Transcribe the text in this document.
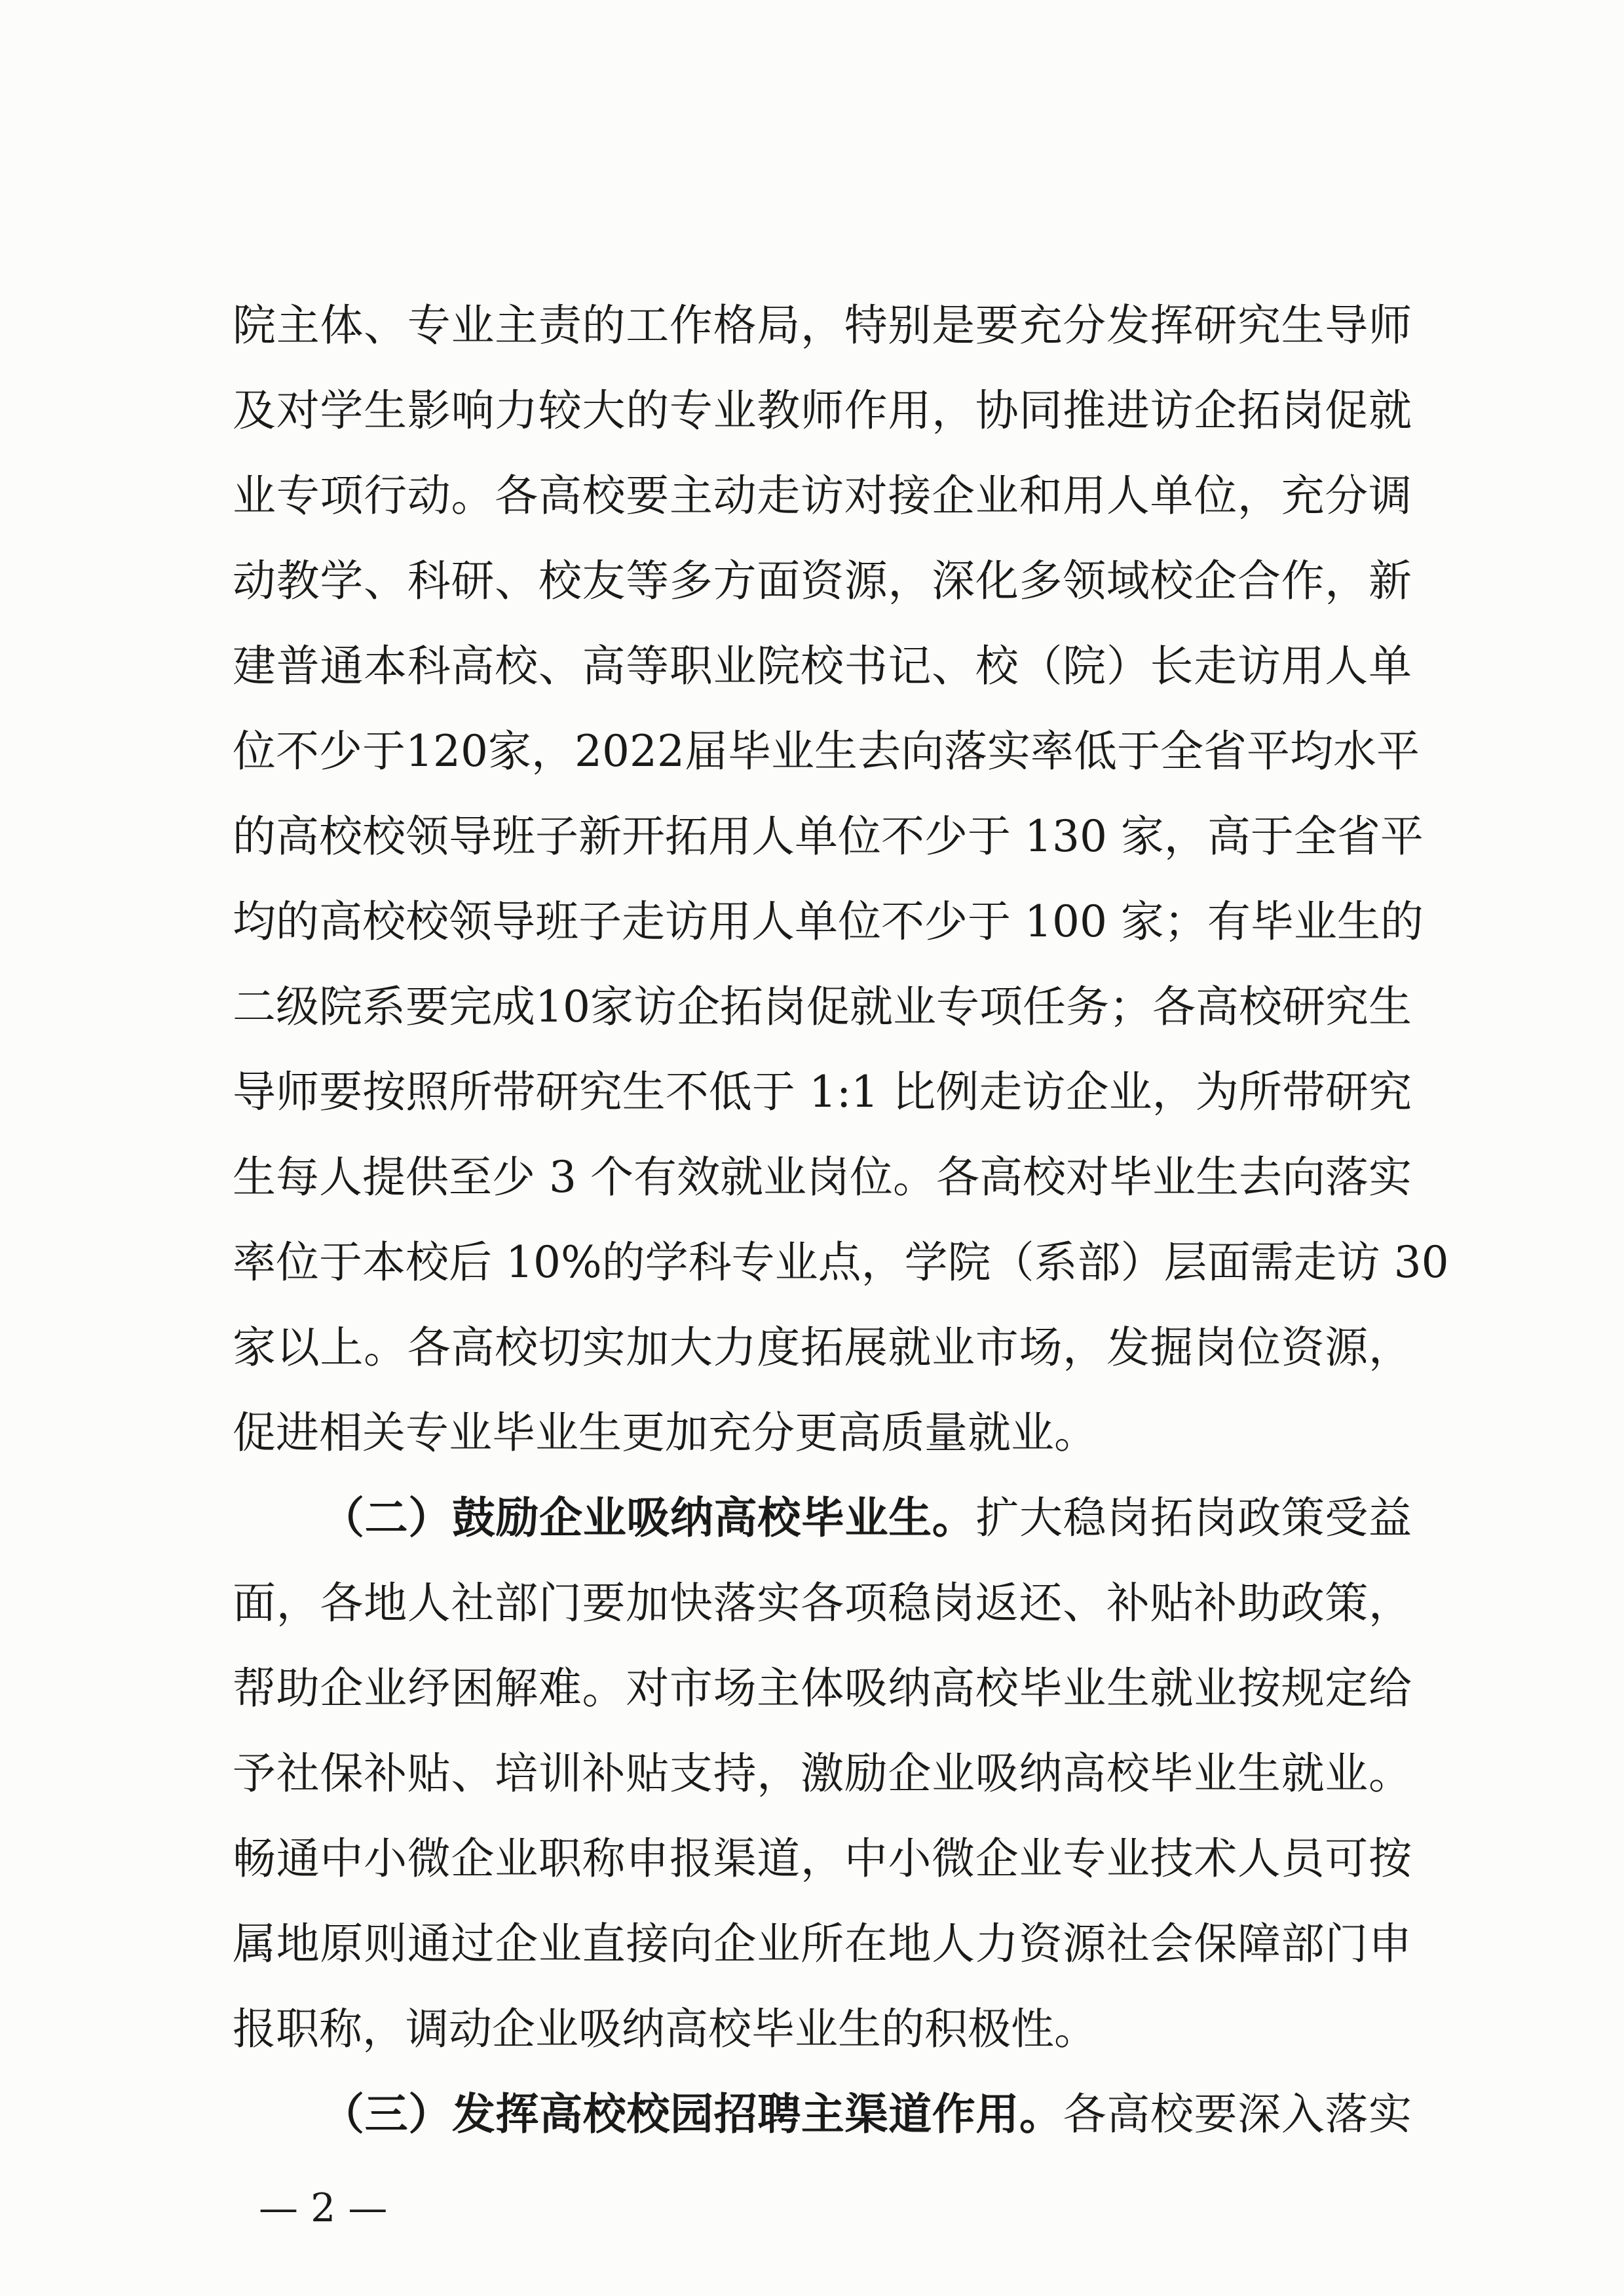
院主体、专业主责的工作格局，特别是要充分发挥研究生导师
及对学生影响力较大的专业教师作用，协同推进访企拓岗促就
业专项行动。各高校要主动走访对接企业和用人单位，充分调
动教学、科研、校友等多方面资源，深化多领域校企合作，新
建普通本科高校、高等职业院校书记、校（院）长走访用人单
位不少于120家，2022届毕业生去向落实率低于全省平均水平
的高校校领导班子新开拓用人单位不少于 130 家，高于全省平
均的高校校领导班子走访用人单位不少于 100 家；有毕业生的
二级院系要完成10家访企拓岗促就业专项任务；各高校研究生
导师要按照所带研究生不低于 1:1 比例走访企业，为所带研究
生每人提供至少 3 个有效就业岗位。各高校对毕业生去向落实
率位于本校后 10%的学科专业点，学院（系部）层面需走访 30
家以上。各高校切实加大力度拓展就业市场，发掘岗位资源，
促进相关专业毕业生更加充分更高质量就业。
（二）鼓励企业吸纳高校毕业生。扩大稳岗拓岗政策受益
面，各地人社部门要加快落实各项稳岗返还、补贴补助政策，
帮助企业纾困解难。对市场主体吸纳高校毕业生就业按规定给
予社保补贴、培训补贴支持，激励企业吸纳高校毕业生就业。
畅通中小微企业职称申报渠道，中小微企业专业技术人员可按
属地原则通过企业直接向企业所在地人力资源社会保障部门申
报职称，调动企业吸纳高校毕业生的积极性。
（三）发挥高校校园招聘主渠道作用。各高校要深入落实
— 2 —
